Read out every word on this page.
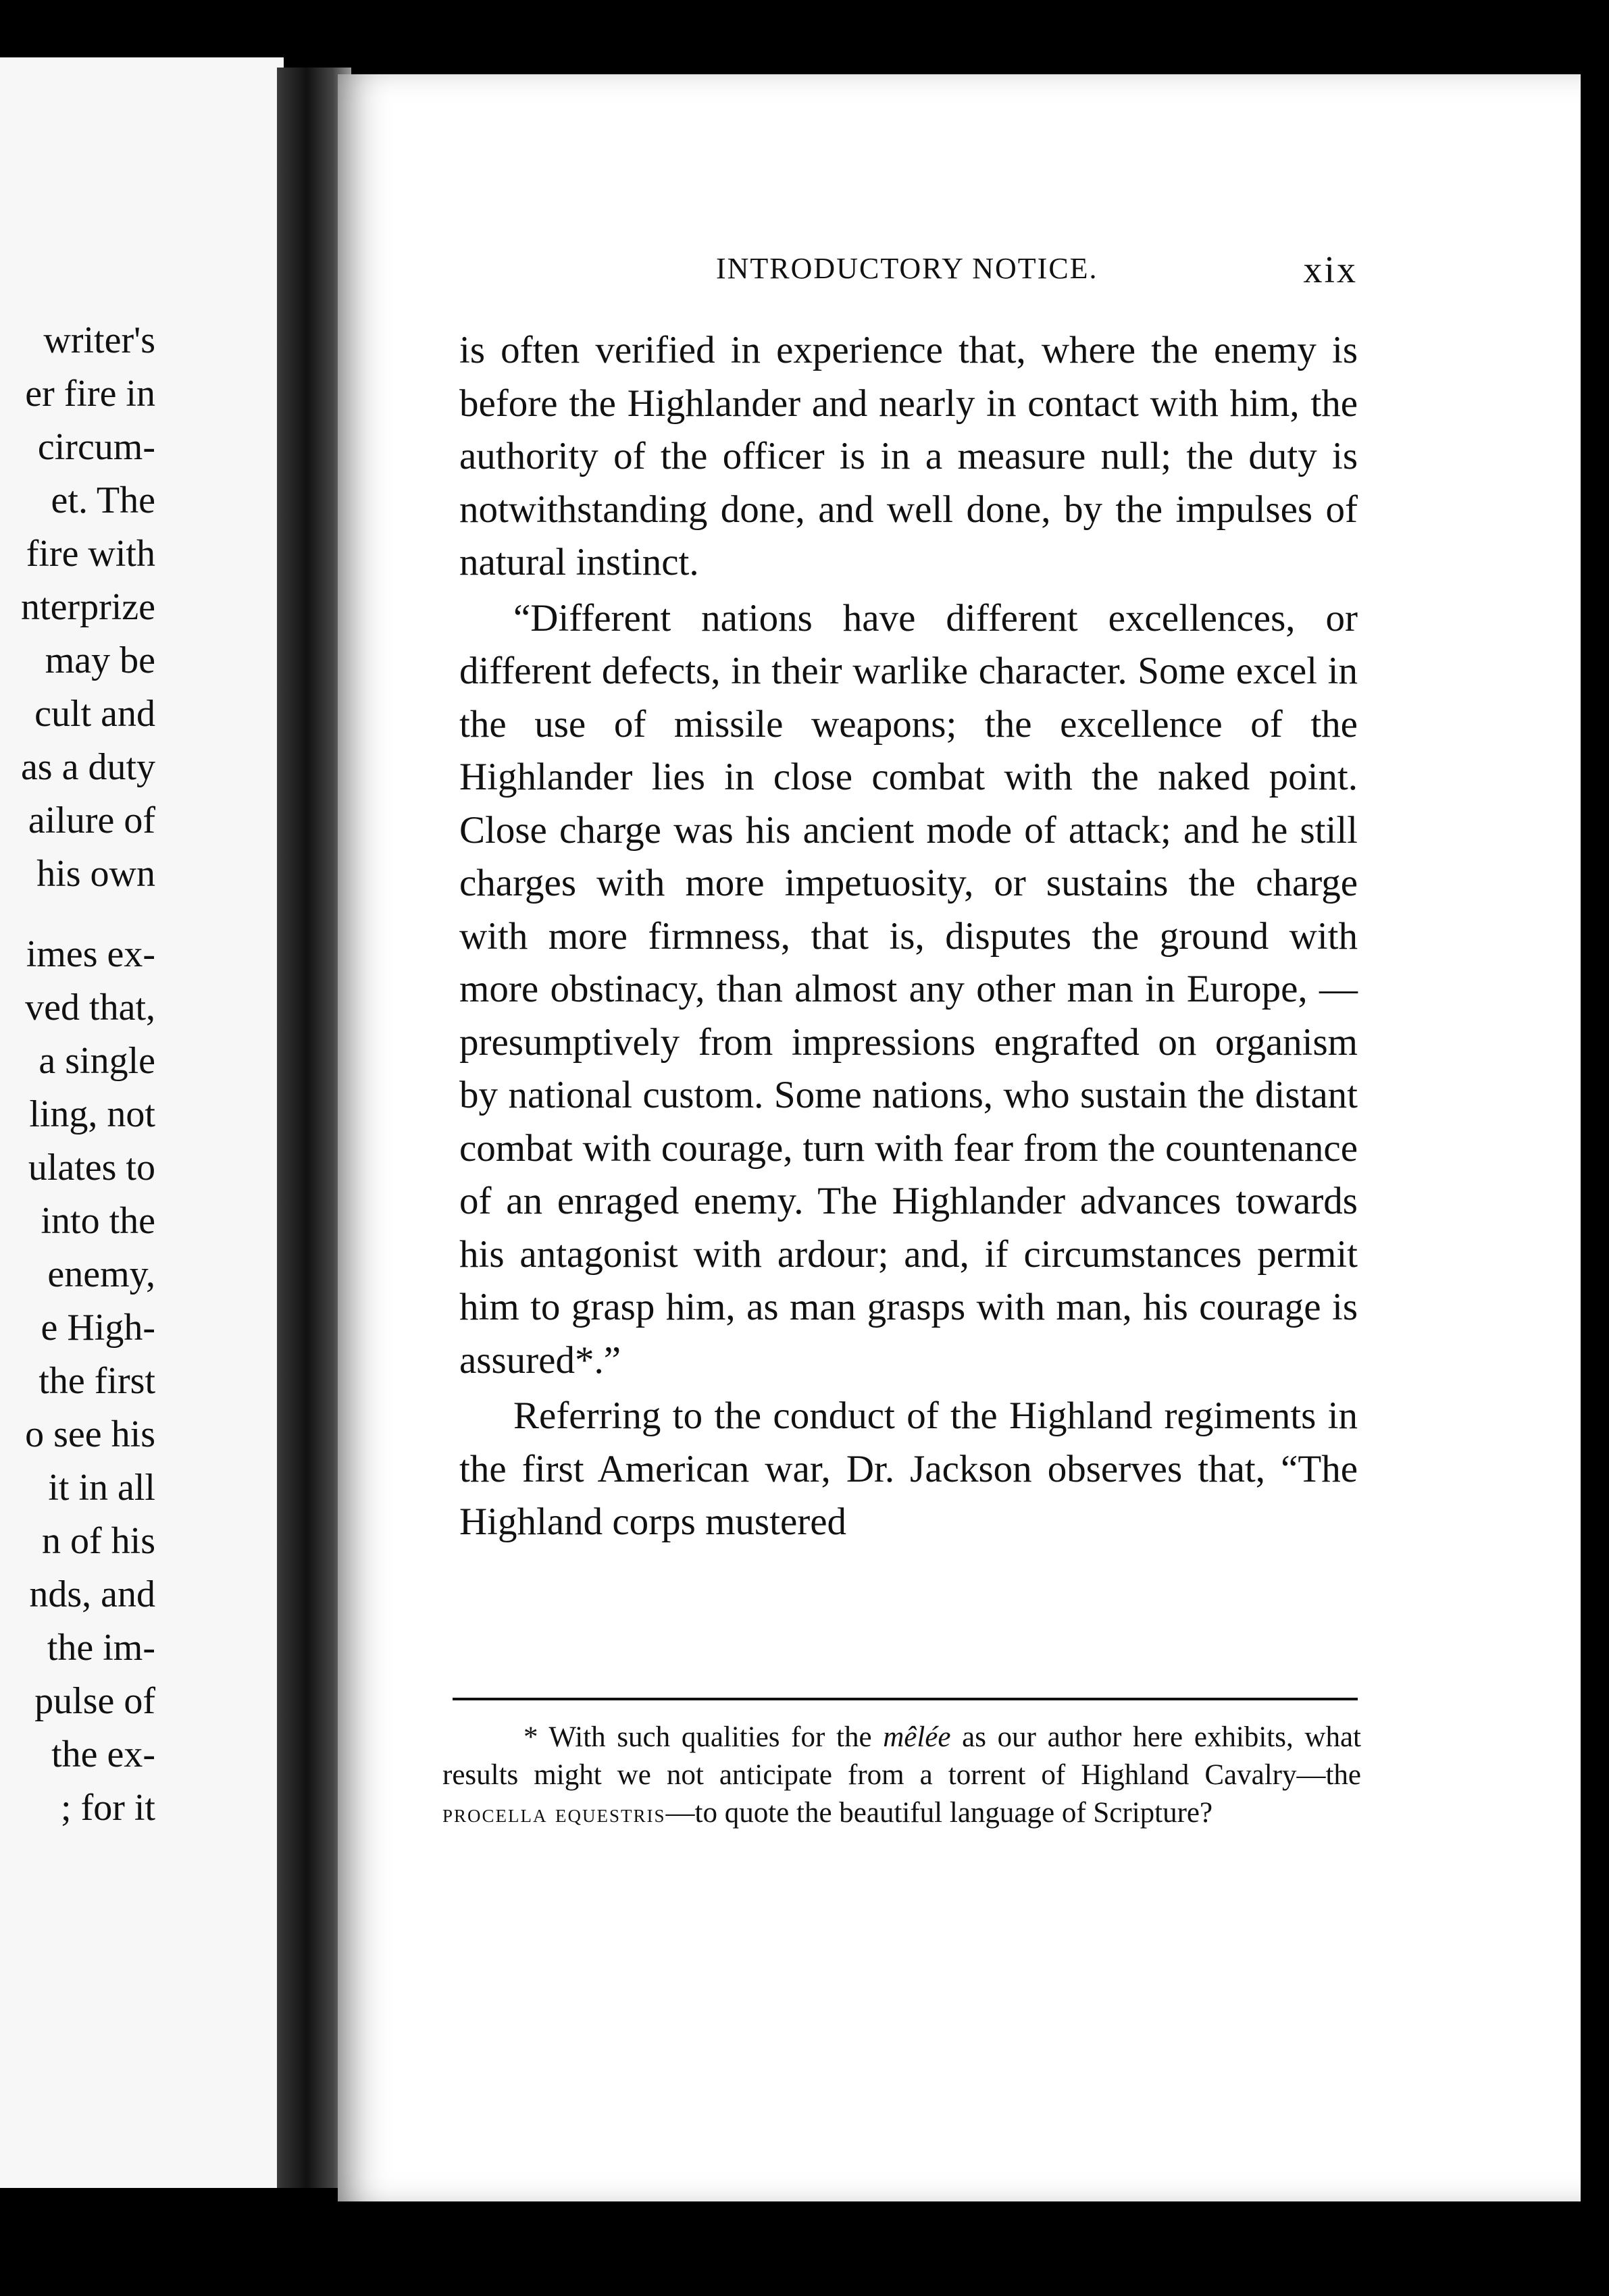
writer's
er fire in
circum-
et. The
fire with
nterprize
may be
cult and
as a duty
ailure of
his own
imes ex-
ved that,
a single
ling, not
ulates to
into the
enemy,
e High-
the first
o see his
it in all
n of his
nds, and
the im-
pulse of
the ex-
; for it
INTRODUCTORY NOTICE.	xix

is often verified in experience that, where the enemy is before the Highlander and nearly in contact with him, the authority of the officer is in a measure null; the duty is notwithstanding done, and well done, by the impulses of natural instinct.

“Different nations have different excellences, or different defects, in their warlike character. Some excel in the use of missile weapons; the excellence of the Highlander lies in close combat with the naked point. Close charge was his ancient mode of attack; and he still charges with more impetuosity, or sustains the charge with more firmness, that is, disputes the ground with more obstinacy, than almost any other man in Europe, — presumptively from impressions engrafted on organism by national custom. Some nations, who sustain the distant combat with courage, turn with fear from the countenance of an enraged enemy. The Highlander advances towards his antagonist with ardour; and, if circumstances permit him to grasp him, as man grasps with man, his courage is assured*.”

Referring to the conduct of the Highland regiments in the first American war, Dr. Jackson observes that, “The Highland corps mustered

* With such qualities for the mêlée as our author here exhibits, what results might we not anticipate from a torrent of Highland Cavalry—the procella equestris—to quote the beautiful language of Scripture?
